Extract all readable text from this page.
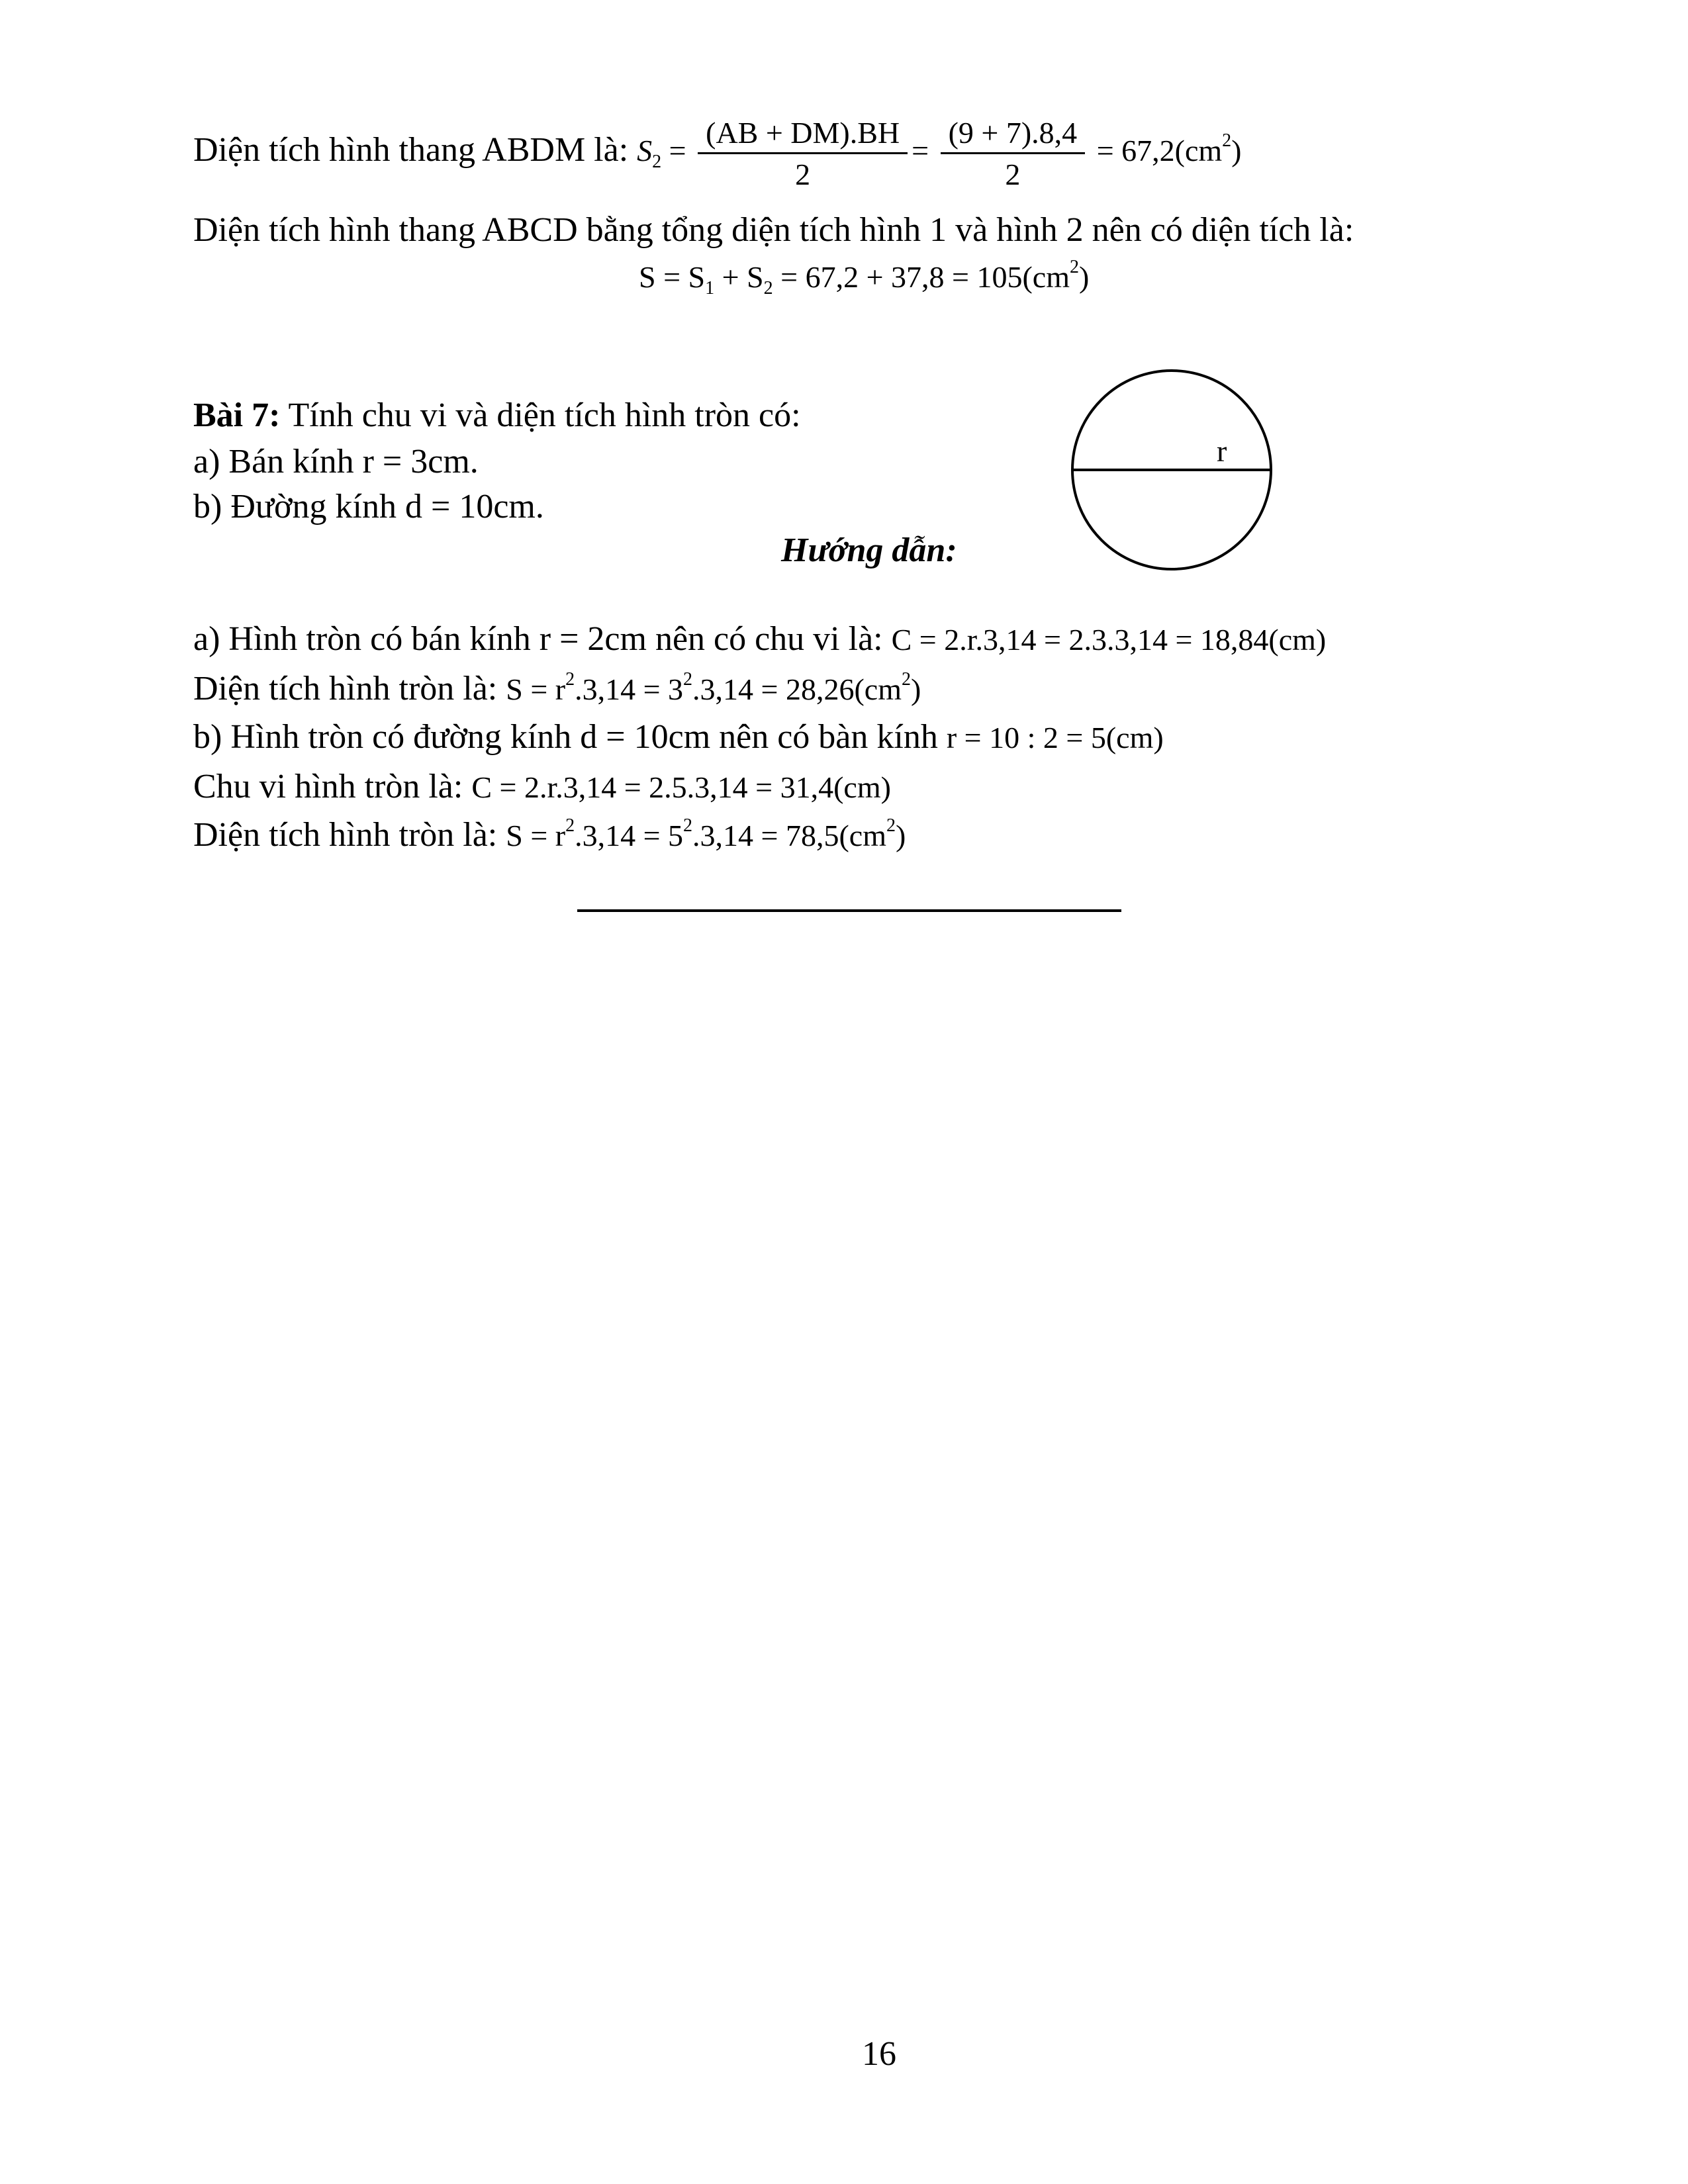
Diện tích hình thang ABDM là: $S_2 = \frac{(AB + DM).BH}{2} = \frac{(9 + 7).8,4}{2} = 67,2(cm^2)$
Diện tích hình thang ABCD bằng tổng diện tích hình 1 và hình 2 nên có diện tích là:
$S = S_1 + S_2 = 67,2 + 37,8 = 105(cm^2)$
Bài 7: Tính chu vi và diện tích hình tròn có:
a) Bán kính r = 3cm.
b) Đường kính d = 10cm.
Hướng dẫn:
r
a) Hình tròn có bán kính r = 2cm nên có chu vi là: C = 2.r.3,14 = 2.3.3,14 = 18,84(cm)
Diện tích hình tròn là: $S = r^2.3,14 = 3^2.3,14 = 28,26(cm^2)$
b) Hình tròn có đường kính d = 10cm nên có bàn kính r = 10 : 2 = 5(cm)
Chu vi hình tròn là: C = 2.r.3,14 = 2.5.3,14 = 31,4(cm)
Diện tích hình tròn là: $S = r^2.3,14 = 5^2.3,14 = 78,5(cm^2)$
16
